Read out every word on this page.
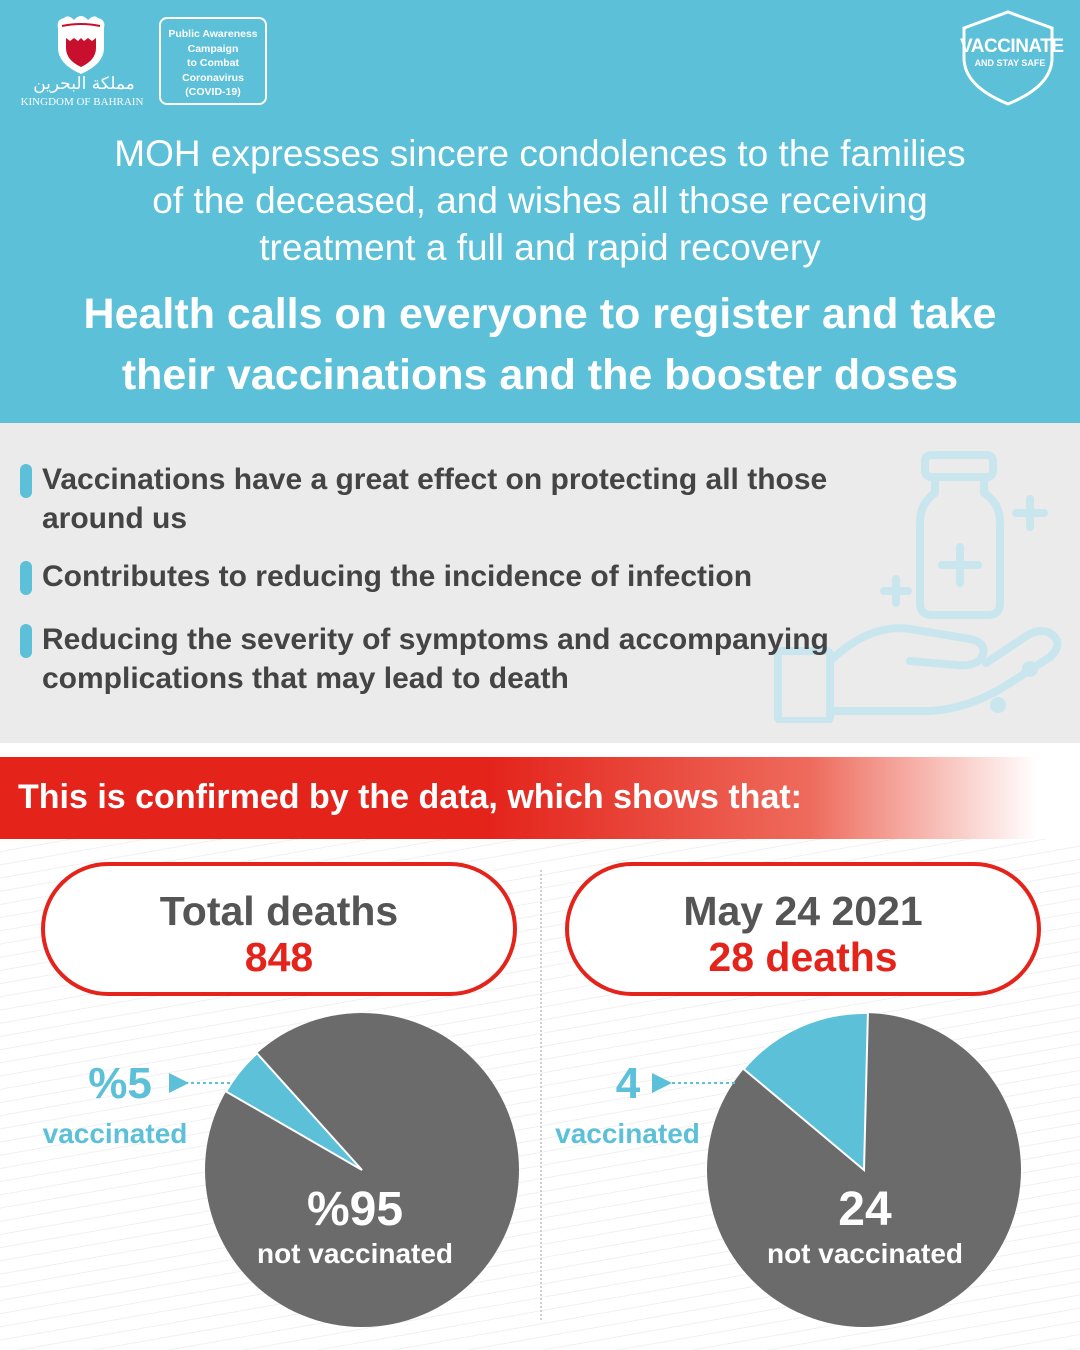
مملكة البحرين
KINGDOM OF BAHRAIN
Public Awareness
Campaign
to Combat
Coronavirus
(COVID-19)
VACCINATE
AND STAY SAFE
MOH expresses sincere condolences to the families
of the deceased, and wishes all those receiving
treatment a full and rapid recovery
Health calls on everyone to register and take
their vaccinations and the booster doses
Vaccinations have a great effect on protecting all those
around us
Contributes to reducing the incidence of infection
Reducing the severity of symptoms and accompanying
complications that may lead to death
This is confirmed by the data, which shows that:
Total deaths
848
May 24 2021
28 deaths
%5
vaccinated
%95
not vaccinated
4
vaccinated
24
not vaccinated
